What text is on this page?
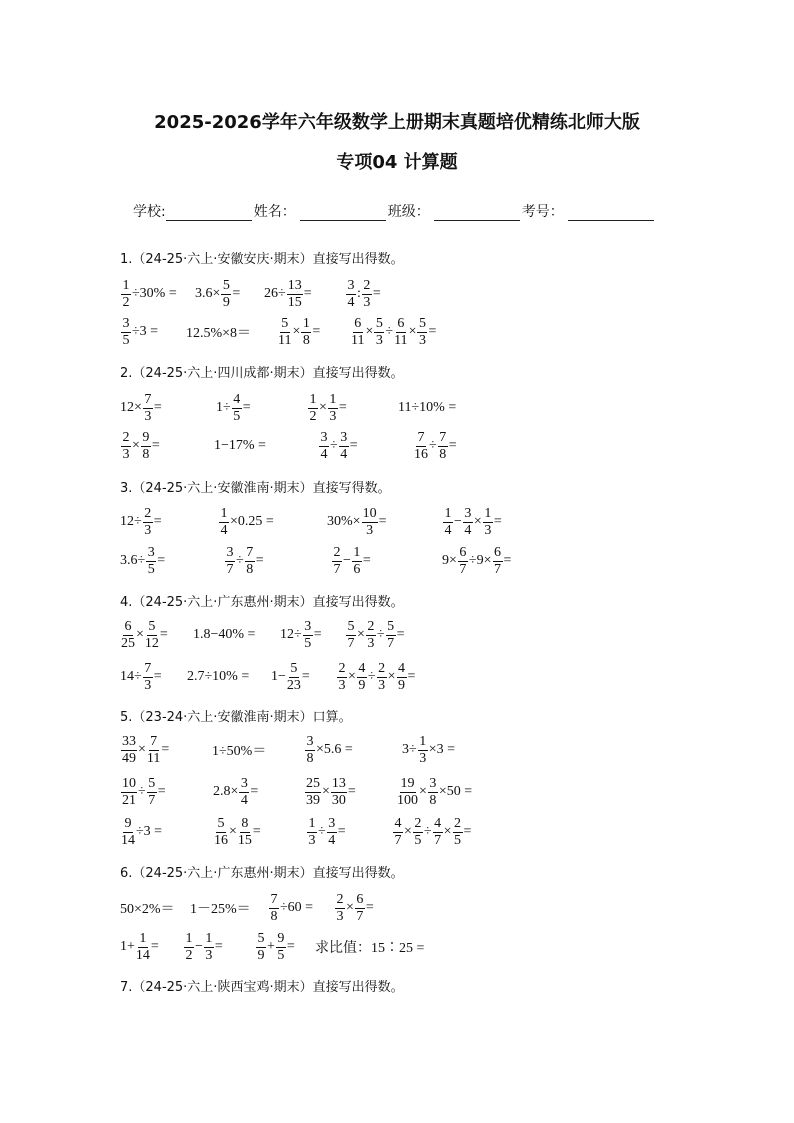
2025-2026学年六年级数学上册期末真题培优精练北师大版
专项04 计算题
学校:	姓名：	班级：	考号：
1.（24-25·六上·安徽安庆·期末）直接写出得数。
$\frac{1}{2} \div 30\% = 3.6\times \frac{5}{9} = 26\div \frac{13}{15} = \frac{3}{4}$ : $\frac{2}{3}$ =
$\frac{3}{5} \div 3 = 12.5\%\times 8= \frac{5}{11} \times \frac{1}{8} = \frac{6}{11} \times \frac{5}{3} \div \frac{6}{11} \times \frac{5}{3}$ =
2.（24-25·六上·四川成都·期末）直接写出得数。
$12\times \frac{7}{3}$ =	$1\div \frac{4}{5}$ =	$\frac{1}{2} \times \frac{1}{3}$ =	11÷10% =
$\frac{2}{3} \times \frac{9}{8}$ =	1−17% =	$\frac{3}{4} \div \frac{3}{4}$ =	$\frac{7}{16} \div \frac{7}{8}$ =
3.（24-25·六上·安徽淮南·期末）直接写得数。
$12\div \frac{2}{3}$ =	$\frac{1}{4} \times 0.25$ =	$30\%\times \frac{10}{3}$ =	$\frac{1}{4} - \frac{3}{4} \times \frac{1}{3}$ =
$3.6\div \frac{3}{5}$ =	$\frac{3}{7} \div \frac{7}{8}$ =	$\frac{2}{7} - \frac{1}{6}$ =	$9\times \frac{6}{7} \div 9\times \frac{6}{7}$ =
4.（24-25·六上·广东惠州·期末）直接写出得数。
$\frac{6}{25} \times \frac{5}{12} = 1.8-40\% = 12\div \frac{3}{5} = \frac{5}{7} \times \frac{2}{3} \div \frac{5}{7}$ =
$14\div \frac{7}{3} = 2.7\div 10\% = 1- \frac{5}{23} = \frac{2}{3} \times \frac{4}{9} \div \frac{2}{3} \times \frac{4}{9}$ =
5.（23-24·六上·安徽淮南·期末）口算。
$\frac{33}{49} \times \frac{7}{11}$ =	1÷50%＝	$\frac{3}{8} \times 5.6$ =	$3\div \frac{1}{3} \times 3$ =
$\frac{10}{21} \div \frac{5}{7}$ =	$2.8\times \frac{3}{4}$ =	$\frac{25}{39} \times \frac{13}{30}$ =	$\frac{19}{100} \times \frac{3}{8} \times 50$ =
$\frac{9}{14} \div 3$ =	$\frac{5}{16} \times \frac{8}{15}$ =	$\frac{1}{3} \div \frac{3}{4}$ =	$\frac{4}{7} \times \frac{2}{5} \div \frac{4}{7} \times \frac{2}{5}$ =
6.（24-25·六上·广东惠州·期末）直接写出得数。
$50\times 2\%= 1-25\%= \frac{7}{8} \div 60 = \frac{2}{3} \times \frac{6}{7}$ =
$1+ \frac{1}{14} = \frac{1}{2} - \frac{1}{3} = \frac{5}{9} + \frac{9}{5}$ = 求比值：15∶25 =
7.（24-25·六上·陕西宝鸡·期末）直接写出得数。
